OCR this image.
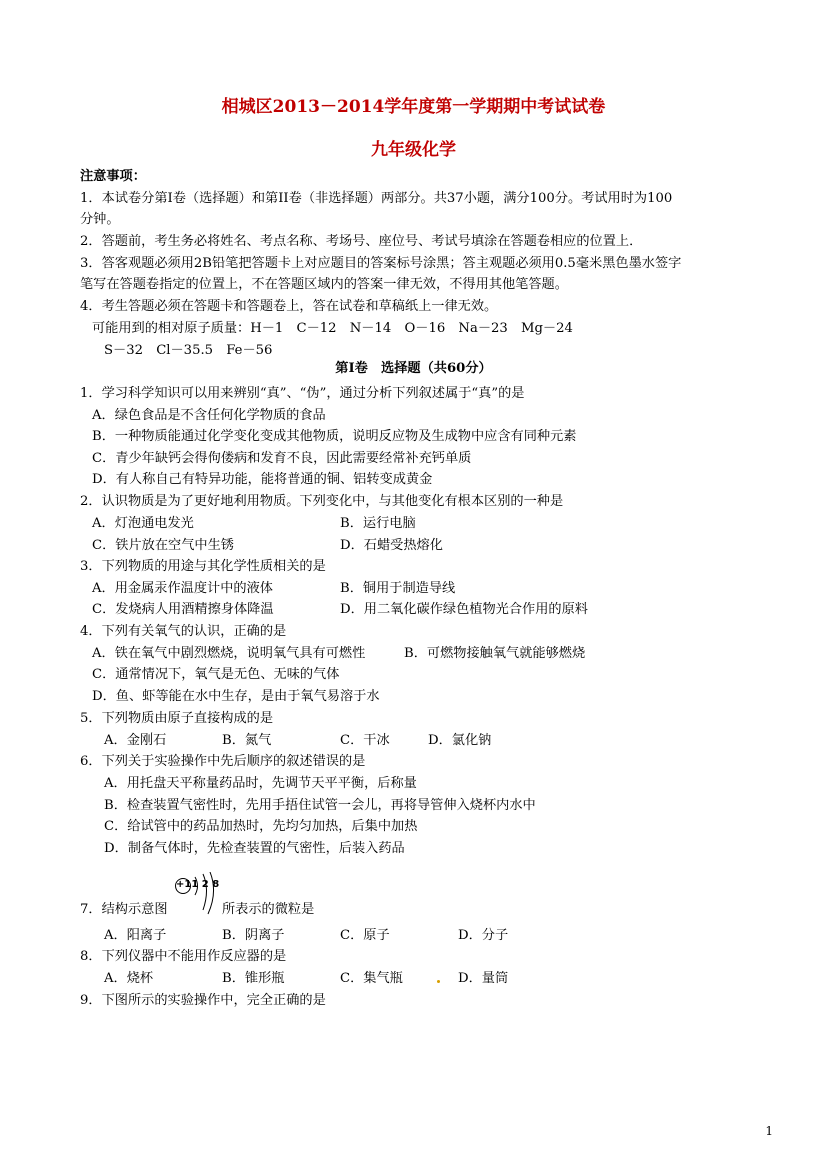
相城区2013－2014学年度第一学期期中考试试卷
九年级化学
注意事项：
1．本试卷分第Ⅰ卷（选择题）和第II卷（非选择题）两部分。共37小题，满分100分。考试用时为100
分钟。
2．答题前，考生务必将姓名、考点名称、考场号、座位号、考试号填涂在答题卷相应的位置上．
3．答客观题必须用2B铅笔把答题卡上对应题目的答案标号涂黑；答主观题必须用0.5毫米黑色墨水签字
笔写在答题卷指定的位置上，不在答题区域内的答案一律无效，不得用其他笔答题。
4．考生答题必须在答题卡和答题卷上，答在试卷和草稿纸上一律无效。
可能用到的相对原子质量：H－1　C－12　N－14　O－16　Na－23　Mg－24
S－32　Cl－35.5　Fe－56
第Ⅰ卷　选择题（共60分）
1．学习科学知识可以用来辨别“真”、“伪”，通过分析下列叙述属于“真”的是
A．绿色食品是不含任何化学物质的食品
B．一种物质能通过化学变化变成其他物质，说明反应物及生成物中应含有同种元素
C．青少年缺钙会得佝偻病和发育不良，因此需要经常补充钙单质
D．有人称自己有特异功能，能将普通的铜、铝转变成黄金
2．认识物质是为了更好地利用物质。下列变化中，与其他变化有根本区别的一种是
A．灯泡通电发光	B．运行电脑
C．铁片放在空气中生锈	D．石蜡受热熔化
3．下列物质的用途与其化学性质相关的是
A．用金属汞作温度计中的液体	B．铜用于制造导线
C．发烧病人用酒精擦身体降温	D．用二氧化碳作绿色植物光合作用的原料
4．下列有关氧气的认识，正确的是
A．铁在氧气中剧烈燃烧，说明氧气具有可燃性	B．可燃物接触氧气就能够燃烧
C．通常情况下，氧气是无色、无味的气体
D．鱼、虾等能在水中生存，是由于氧气易溶于水
5．下列物质由原子直接构成的是
A．金刚石	B．氮气	C．干冰	D．氯化钠
6．下列关于实验操作中先后顺序的叙述错误的是
A．用托盘天平称量药品时，先调节天平平衡，后称量
B．检查装置气密性时，先用手捂住试管一会儿，再将导管伸入烧杯内水中
C．给试管中的药品加热时，先均匀加热，后集中加热
D．制备气体时，先检查装置的气密性，后装入药品
7．结构示意图
+11 2 8
所表示的微粒是
A．阳离子	B．阴离子	C．原子	D．分子
8．下列仪器中不能用作反应器的是
A．烧杯	B．锥形瓶	C．集气瓶	D．量筒
9．下图所示的实验操作中，完全正确的是
1
